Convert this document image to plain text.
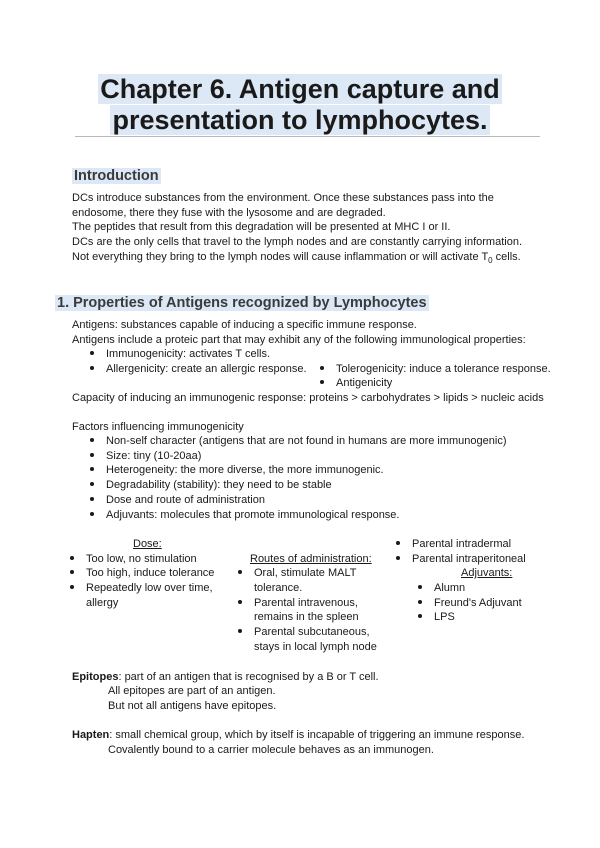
Chapter 6. Antigen capture and
presentation to lymphocytes.
Introduction
DCs introduce substances from the environment. Once these substances pass into the
endosome, there they fuse with the lysosome and are degraded.
The peptides that result from this degradation will be presented at MHC I or II.
DCs are the only cells that travel to the lymph nodes and are constantly carrying information.
Not everything they bring to the lymph nodes will cause inflammation or will activate $T_0$ cells.
1. Properties of Antigens recognized by Lymphocytes
Antigens: substances capable of inducing a specific immune response.
Antigens include a proteic part that may exhibit any of the following immunological properties:
Immunogenicity: activates T cells.
Allergenicity: create an allergic response.	Tolerogenicity: induce a tolerance response.
Antigenicity
Capacity of inducing an immunogenic response: proteins > carbohydrates > lipids > nucleic acids
Factors influencing immunogenicity
Non-self character (antigens that are not found in humans are more immunogenic)
Size: tiny (10-20aa)
Heterogeneity: the more diverse, the more immunogenic.
Degradability (stability): they need to be stable
Dose and route of administration
Adjuvants: molecules that promote immunological response.
Dose:
Too low, no stimulation
Too high, induce tolerance
Repeatedly low over time,
allergy
Routes of administration:
Oral, stimulate MALT
tolerance.
Parental intravenous,
remains in the spleen
Parental subcutaneous,
stays in local lymph node
Parental intradermal
Parental intraperitoneal
Adjuvants:
Alumn
Freund's Adjuvant
LPS
Epitopes: part of an antigen that is recognised by a B or T cell.
All epitopes are part of an antigen.
But not all antigens have epitopes.
Hapten: small chemical group, which by itself is incapable of triggering an immune response.
Covalently bound to a carrier molecule behaves as an immunogen.
